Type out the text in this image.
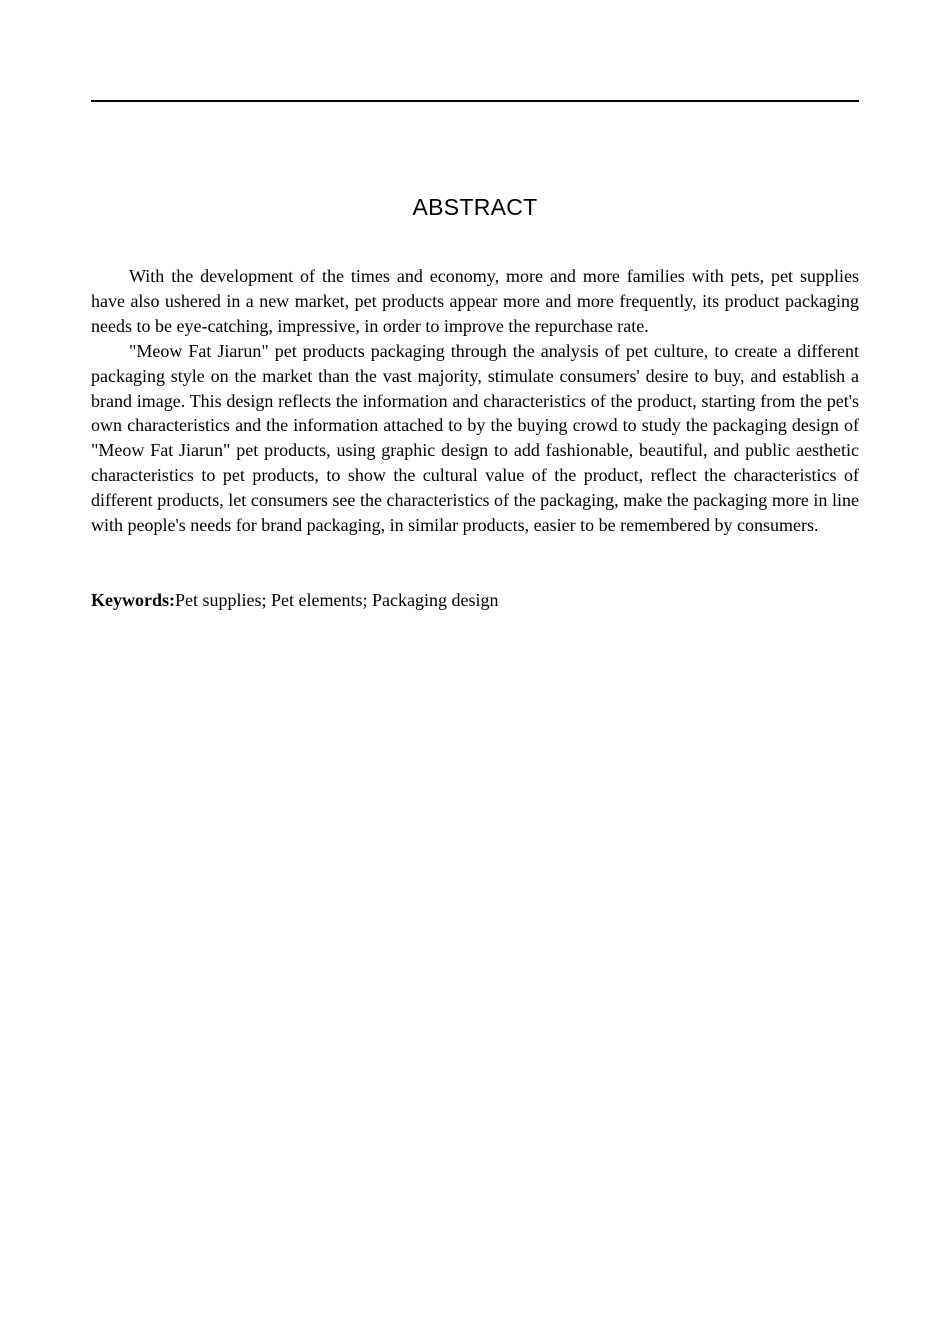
ABSTRACT

With the development of the times and economy, more and more families with pets, pet supplies have also ushered in a new market, pet products appear more and more frequently, its product packaging needs to be eye-catching, impressive, in order to improve the repurchase rate.

"Meow Fat Jiarun" pet products packaging through the analysis of pet culture, to create a different packaging style on the market than the vast majority, stimulate consumers' desire to buy, and establish a brand image. This design reflects the information and characteristics of the product, starting from the pet's own characteristics and the information attached to by the buying crowd to study the packaging design of "Meow Fat Jiarun" pet products, using graphic design to add fashionable, beautiful, and public aesthetic characteristics to pet products, to show the cultural value of the product, reflect the characteristics of different products, let consumers see the characteristics of the packaging, make the packaging more in line with people's needs for brand packaging, in similar products, easier to be remembered by consumers.

Keywords:Pet supplies; Pet elements; Packaging design
